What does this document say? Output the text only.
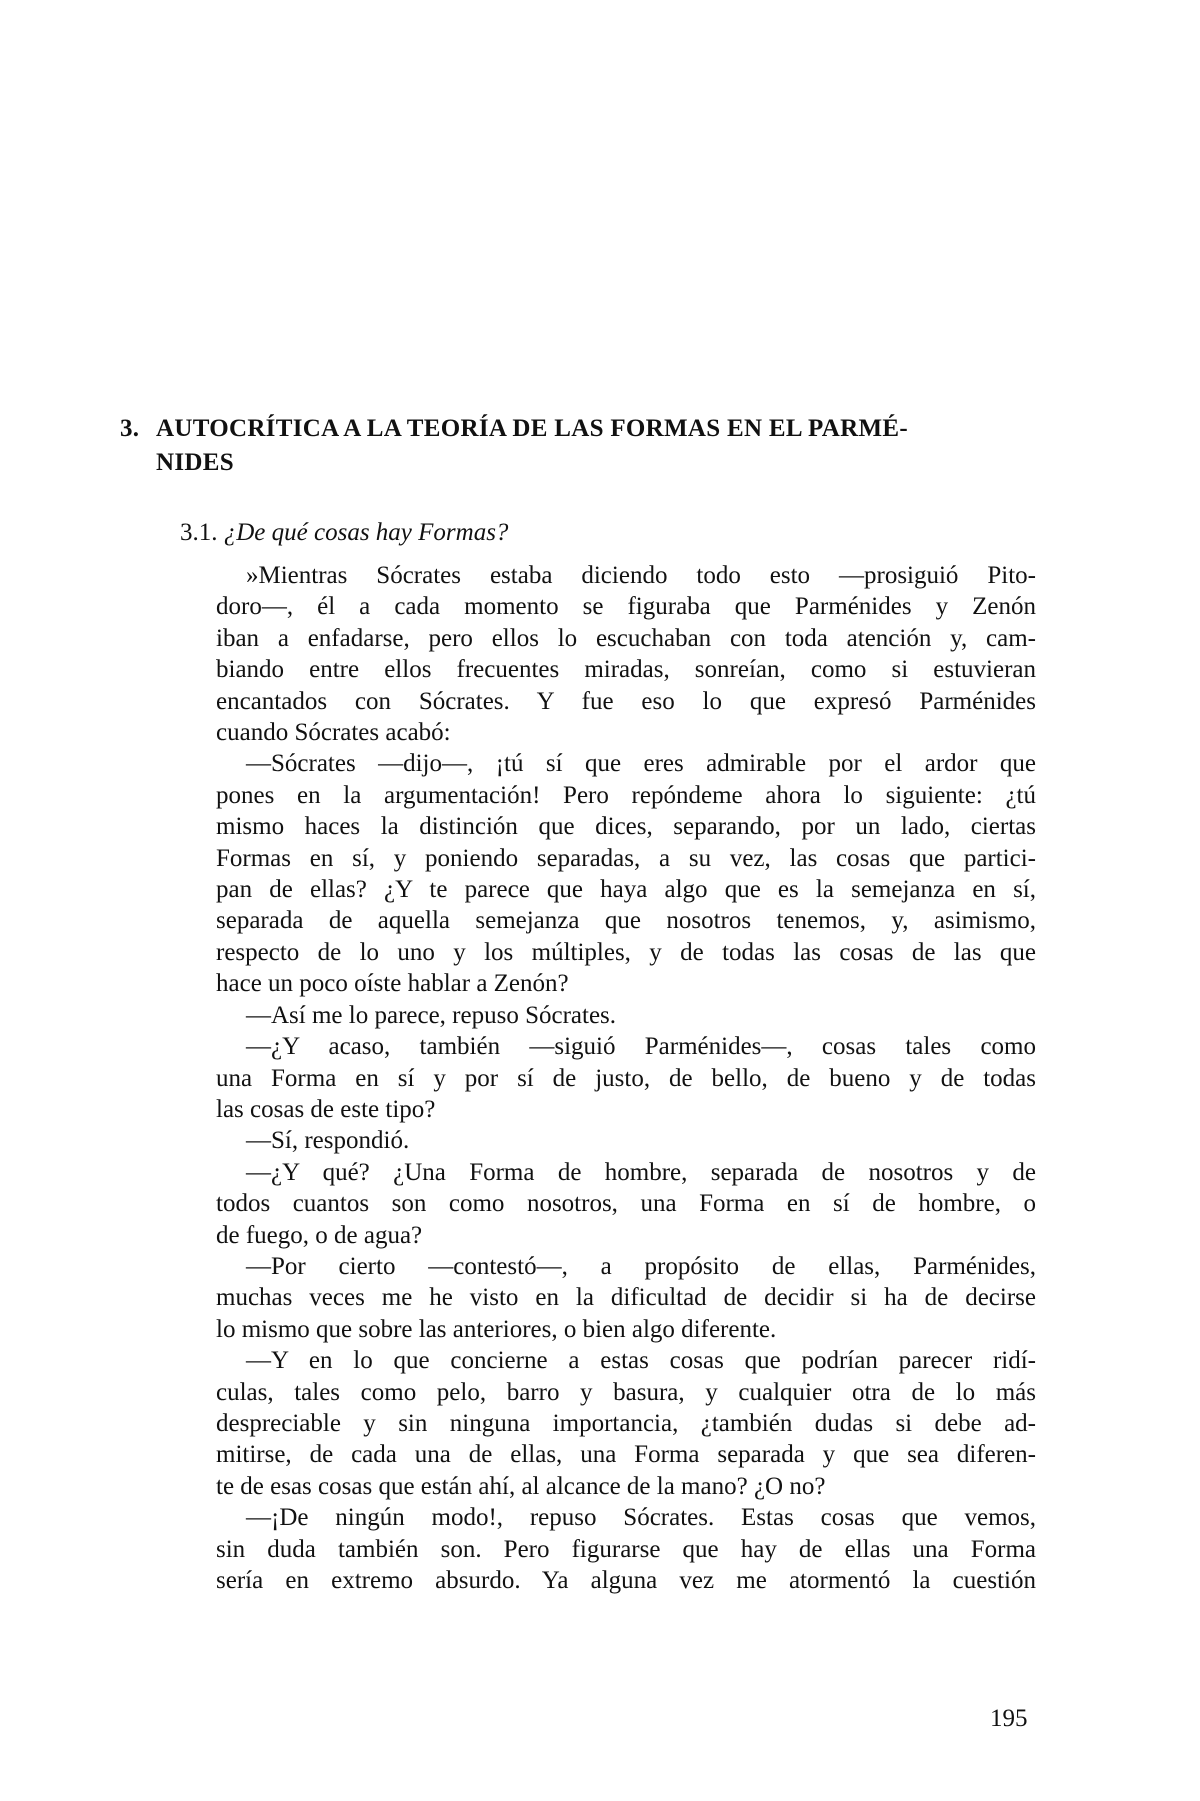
3. AUTOCRÍTICA A LA TEORÍA DE LAS FORMAS EN EL PARMÉ-
NIDES
3.1. ¿De qué cosas hay Formas?
»Mientras Sócrates estaba diciendo todo esto —prosiguió Pito-
doro—, él a cada momento se figuraba que Parménides y Zenón
iban a enfadarse, pero ellos lo escuchaban con toda atención y, cam-
biando entre ellos frecuentes miradas, sonreían, como si estuvieran
encantados con Sócrates. Y fue eso lo que expresó Parménides
cuando Sócrates acabó:
—Sócrates —dijo—, ¡tú sí que eres admirable por el ardor que
pones en la argumentación! Pero repóndeme ahora lo siguiente: ¿tú
mismo haces la distinción que dices, separando, por un lado, ciertas
Formas en sí, y poniendo separadas, a su vez, las cosas que partici-
pan de ellas? ¿Y te parece que haya algo que es la semejanza en sí,
separada de aquella semejanza que nosotros tenemos, y, asimismo,
respecto de lo uno y los múltiples, y de todas las cosas de las que
hace un poco oíste hablar a Zenón?
—Así me lo parece, repuso Sócrates.
—¿Y acaso, también —siguió Parménides—, cosas tales como
una Forma en sí y por sí de justo, de bello, de bueno y de todas
las cosas de este tipo?
—Sí, respondió.
—¿Y qué? ¿Una Forma de hombre, separada de nosotros y de
todos cuantos son como nosotros, una Forma en sí de hombre, o
de fuego, o de agua?
—Por cierto —contestó—, a propósito de ellas, Parménides,
muchas veces me he visto en la dificultad de decidir si ha de decirse
lo mismo que sobre las anteriores, o bien algo diferente.
—Y en lo que concierne a estas cosas que podrían parecer ridí-
culas, tales como pelo, barro y basura, y cualquier otra de lo más
despreciable y sin ninguna importancia, ¿también dudas si debe ad-
mitirse, de cada una de ellas, una Forma separada y que sea diferen-
te de esas cosas que están ahí, al alcance de la mano? ¿O no?
—¡De ningún modo!, repuso Sócrates. Estas cosas que vemos,
sin duda también son. Pero figurarse que hay de ellas una Forma
sería en extremo absurdo. Ya alguna vez me atormentó la cuestión
195
